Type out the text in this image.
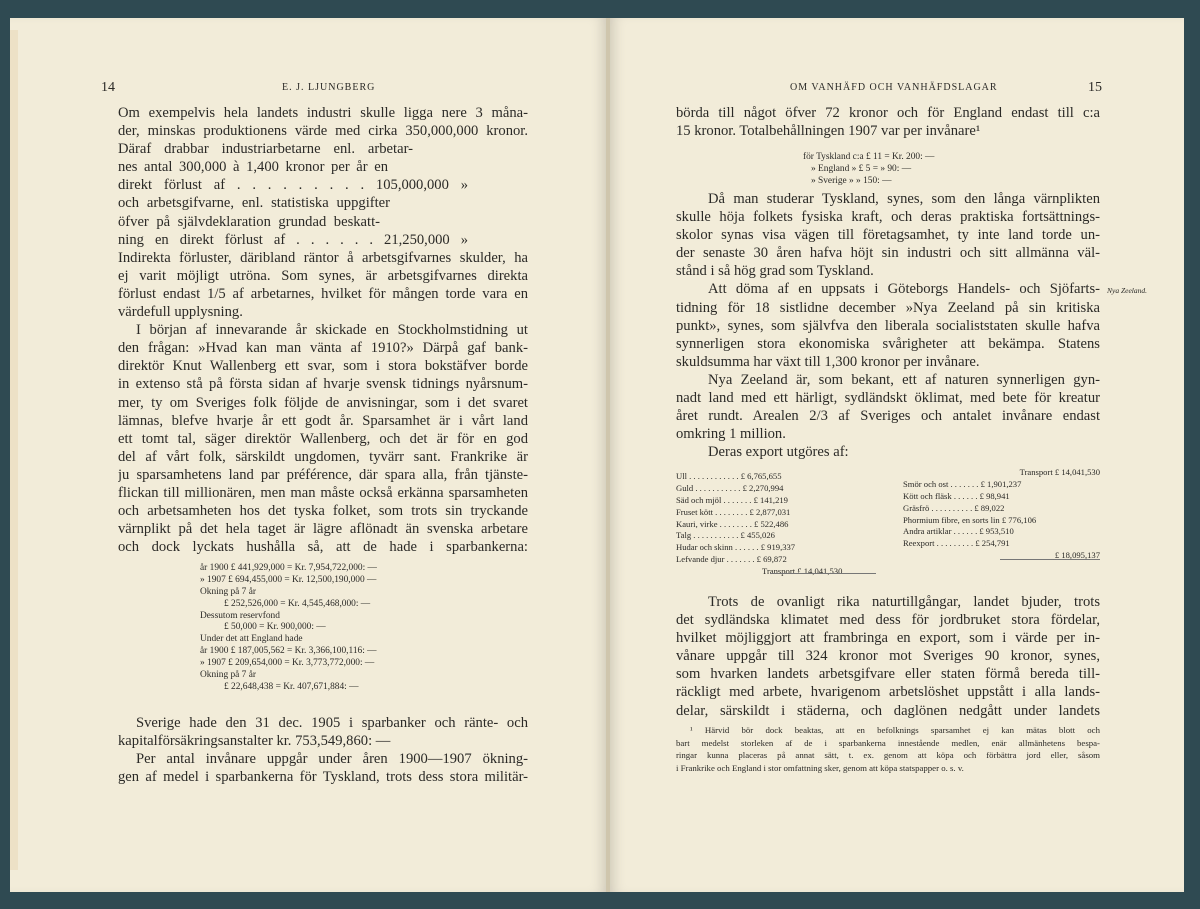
14	E. J. LJUNGBERG
Om exempelvis hela landets industri skulle ligga nere 3 måna-
der, minskas produktionens värde med cirka 350,000,000 kronor.
Däraf drabbar industriarbetarne enl. arbetar-
nes antal 300,000 à 1,400 kronor per år en
direkt förlust af . . . . . . . . . 105,000,000 »
och arbetsgifvarne, enl. statistiska uppgifter
öfver på självdeklaration grundad beskatt-
ning en direkt förlust af . . . . . . 21,250,000 »
Indirekta förluster, däribland räntor å arbetsgifvarnes skulder, ha
ej varit möjligt utröna. Som synes, är arbetsgifvarnes direkta
förlust endast 1/5 af arbetarnes, hvilket för mången torde vara en
värdefull upplysning.
I början af innevarande år skickade en Stockholmstidning ut
den frågan: »Hvad kan man vänta af 1910?» Därpå gaf bank-
direktör Knut Wallenberg ett svar, som i stora bokstäfver borde
in extenso stå på första sidan af hvarje svensk tidnings nyårsnum-
mer, ty om Sveriges folk följde de anvisningar, som i det svaret
lämnas, blefve hvarje år ett godt år. Sparsamhet är i vårt land
ett tomt tal, säger direktör Wallenberg, och det är för en god
del af vårt folk, särskildt ungdomen, tyvärr sant. Frankrike är
ju sparsamhetens land par préférence, där spara alla, från tjänste-
flickan till millionären, men man måste också erkänna sparsamheten
och arbetsamheten hos det tyska folket, som trots sin tryckande
värnplikt på det hela taget är lägre aflönadt än svenska arbetare
och dock lyckats hushålla så, att de hade i sparbankerna:
år 1900 £ 441,929,000 = Kr. 7,954,722,000: —
» 1907 £ 694,455,000 = Kr. 12,500,190,000 —
Ökning på 7 år
£ 252,526,000 = Kr. 4,545,468,000: —
Dessutom reservfond
£ 50,000 = Kr. 900,000: —
Under det att England hade
år 1900 £ 187,005,562 = Kr. 3,366,100,116: —
» 1907 £ 209,654,000 = Kr. 3,773,772,000: —
Ökning på 7 år
£ 22,648,438 = Kr. 407,671,884: —
Sverige hade den 31 dec. 1905 i sparbanker och ränte- och
kapitalförsäkringsanstalter kr. 753,549,860: —
Per antal invånare uppgår under åren 1900—1907 ökning-
gen af medel i sparbankerna för Tyskland, trots dess stora militär-
OM VANHÄFD OCH VANHÄFDSLAGAR	15
börda till något öfver 72 kronor och för England endast till c:a
15 kronor. Totalbehållningen 1907 var per invånare¹
för Tyskland c:a £ 11 = Kr. 200: —
» England » £ 5 = » 90: —
» Sverige » » 150: —
Då man studerar Tyskland, synes, som den långa värnplikten
skulle höja folkets fysiska kraft, och deras praktiska fortsättnings-
skolor synas visa vägen till företagsamhet, ty inte land torde un-
der senaste 30 åren hafva höjt sin industri och sitt allmänna väl-
stånd i så hög grad som Tyskland.
Att döma af en uppsats i Göteborgs Handels- och Sjöfarts-
tidning för 18 sistlidne december »Nya Zeeland på sin kritiska
punkt», synes, som självfva den liberala socialiststaten skulle hafva
synnerligen stora ekonomiska svårigheter att bekämpa. Statens
skuldsumma har växt till 1,300 kronor per invånare.
Nya Zeeland är, som bekant, ett af naturen synnerligen gyn-
nadt land med ett härligt, sydländskt öklimat, med bete för kreatur
året rundt. Arealen 2/3 af Sveriges och antalet invånare endast
omkring 1 million.
Deras export utgöres af:
Nya Zeeland.
Ull . . . . . . . . . . . . £ 6,765,655
Guld . . . . . . . . . . . £ 2,270,994
Säd och mjöl . . . . . . . £ 141,219
Fruset kött . . . . . . . . £ 2,877,031
Kauri, virke . . . . . . . . £ 522,486
Talg . . . . . . . . . . . £ 455,026
Hudar och skinn . . . . . . £ 919,337
Lefvande djur . . . . . . . £ 69,872
Transport £ 14,041,530
Transport £ 14,041,530
Smör och ost . . . . . . . £ 1,901,237
Kött och fläsk . . . . . . £ 98,941
Gräsfrö . . . . . . . . . . £ 89,022
Phormium fibre, en sorts lin £ 776,106
Andra artiklar . . . . . . £ 953,510
Reexport . . . . . . . . . £ 254,791
£ 18,095,137
Trots de ovanligt rika naturtillgångar, landet bjuder, trots
det sydländska klimatet med dess för jordbruket stora fördelar,
hvilket möjliggjort att frambringa en export, som i värde per in-
vånare uppgår till 324 kronor mot Sveriges 90 kronor, synes,
som hvarken landets arbetsgifvare eller staten förmå bereda till-
räckligt med arbete, hvarigenom arbetslöshet uppstått i alla lands-
delar, särskildt i städerna, och daglönen nedgått under landets
¹ Härvid bör dock beaktas, att en befolknings sparsamhet ej kan mätas blott och
bart medelst storleken af de i sparbankerna innestående medlen, enär allmänhetens bespa-
ringar kunna placeras på annat sätt, t. ex. genom att köpa och förbättra jord eller, såsom
i Frankrike och England i stor omfattning sker, genom att köpa statspapper o. s. v.
